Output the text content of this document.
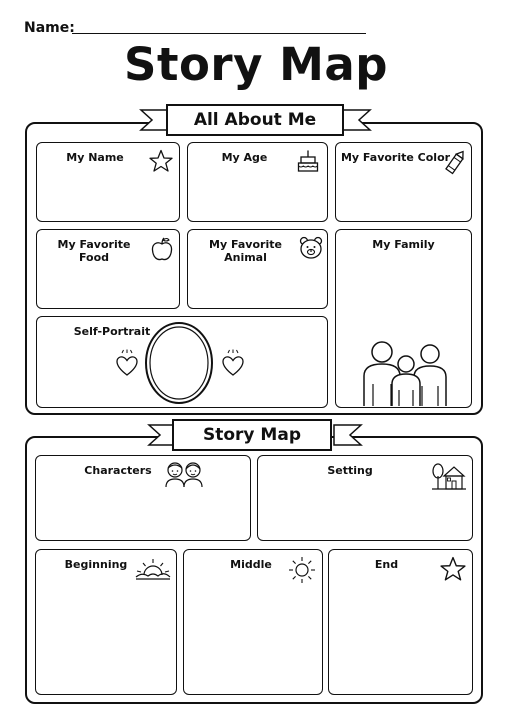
Name:
Story Map
All About Me
My Name	My Age	My Favorite Color
My Favorite Food
My Favorite Animal
My Family
Self-Portrait
Story Map
Characters	Setting
Beginning	Middle	End
